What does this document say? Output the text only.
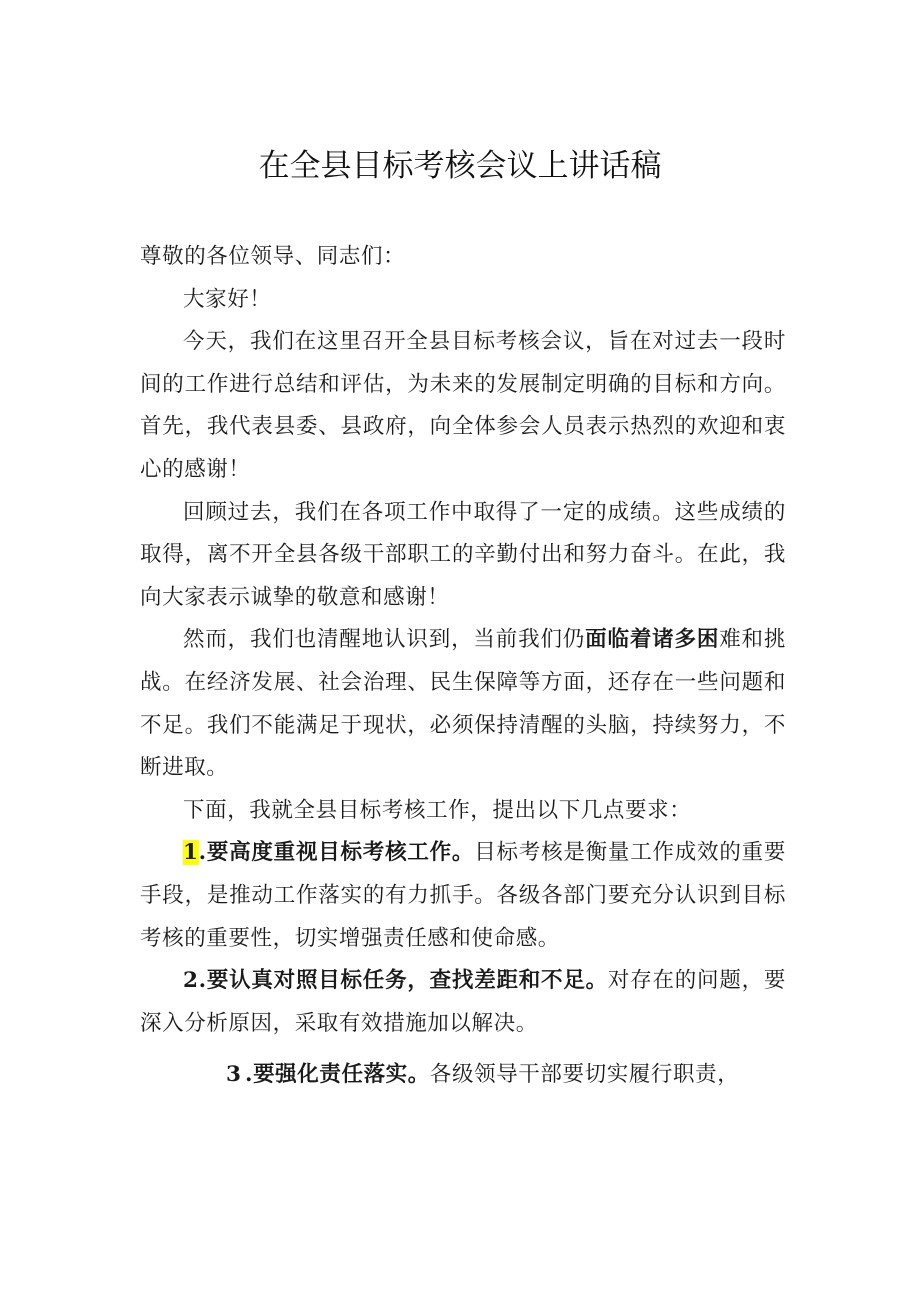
在全县目标考核会议上讲话稿

尊敬的各位领导、同志们：

大家好！

今天，我们在这里召开全县目标考核会议，旨在对过去一段时间的工作进行总结和评估，为未来的发展制定明确的目标和方向。首先，我代表县委、县政府，向全体参会人员表示热烈的欢迎和衷心的感谢！

回顾过去，我们在各项工作中取得了一定的成绩。这些成绩的取得，离不开全县各级干部职工的辛勤付出和努力奋斗。在此，我向大家表示诚挚的敬意和感谢！

然而，我们也清醒地认识到，当前我们仍面临着诸多困难和挑战。在经济发展、社会治理、民生保障等方面，还存在一些问题和不足。我们不能满足于现状，必须保持清醒的头脑，持续努力，不断进取。

下面，我就全县目标考核工作，提出以下几点要求：

1.要高度重视目标考核工作。目标考核是衡量工作成效的重要手段，是推动工作落实的有力抓手。各级各部门要充分认识到目标考核的重要性，切实增强责任感和使命感。

2.要认真对照目标任务，查找差距和不足。对存在的问题，要深入分析原因，采取有效措施加以解决。

3 .要强化责任落实。各级领导干部要切实履行职责，
